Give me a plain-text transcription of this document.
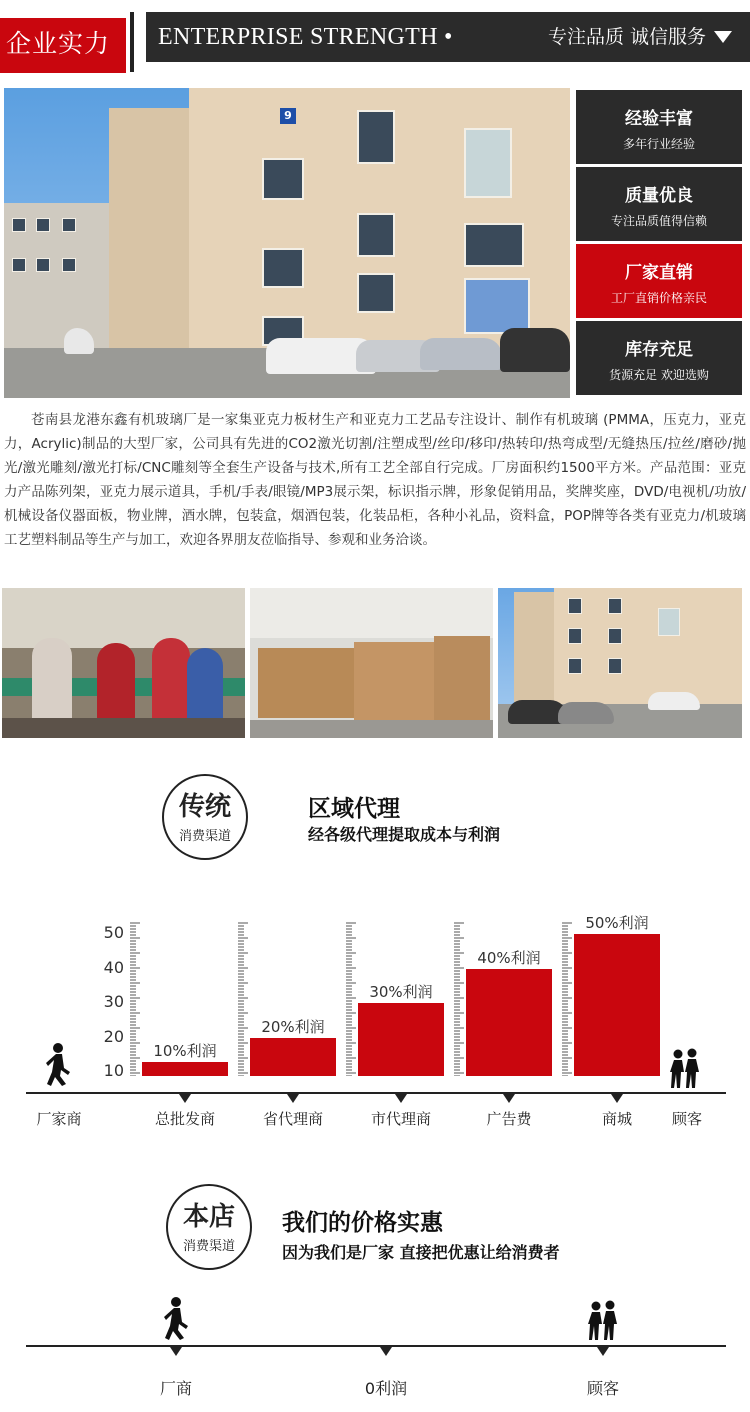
企业实力	ENTERPRISE STRENGTH •	专注品质 诚信服务
9	经验丰富
多年行业经验
质量优良
专注品质值得信赖
厂家直销
工厂直销价格亲民
库存充足
货源充足 欢迎选购

苍南县龙港东鑫有机玻璃厂是一家集亚克力板材生产和亚克力工艺品专注设计、制作有机玻璃 (PMMA，压克力，亚克力，Acrylic)制品的大型厂家，公司具有先进的CO2激光切割/注塑成型/丝印/移印/热转印/热弯成型/无缝热压/拉丝/磨砂/抛光/激光雕刻/激光打标/CNC雕刻等全套生产设备与技术,所有工艺全部自行完成。厂房面积约1500平方米。产品范围：亚克力产品陈列架，亚克力展示道具，手机/手表/眼镜/MP3展示架，标识指示牌，形象促销用品，奖牌奖座，DVD/电视机/功放/机械设备仪器面板，物业牌，酒水牌，包装盒，烟酒包装，化装品柜，各种小礼品，资料盒，POP牌等各类有亚克力/机玻璃工艺塑料制品等生产与加工，欢迎各界朋友莅临指导、参观和业务洽谈。

传统
消费渠道
区域代理
经各级代理提取成本与利润
50
40
30
20
10
10%利润
总批发商
20%利润
省代理商
30%利润
市代理商
40%利润
广告费
50%利润
商城
厂家商	顾客
本店
消费渠道
我们的价格实惠
因为我们是厂家 直接把优惠让给消费者
厂商	0利润	顾客
